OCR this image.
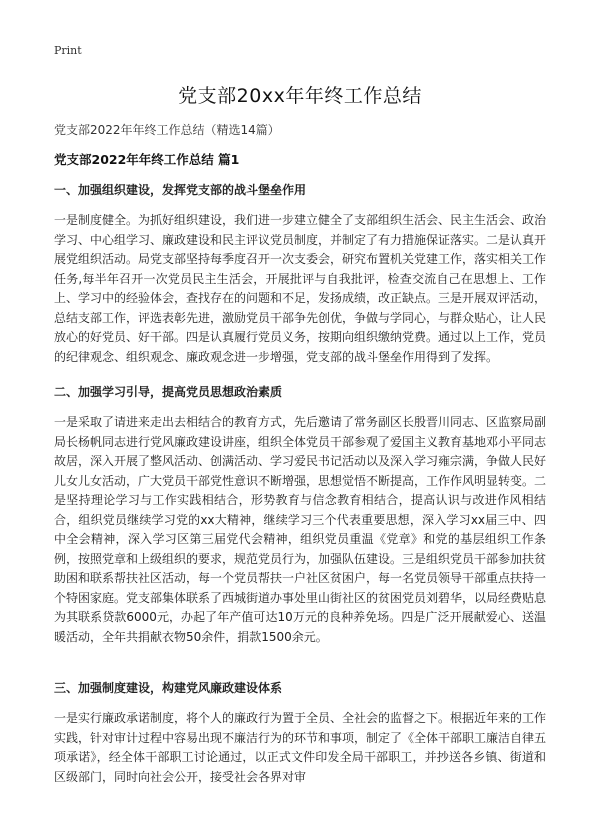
Print
党支部20xx年年终工作总结

党支部2022年年终工作总结（精选14篇）

党支部2022年年终工作总结 篇1
一、加强组织建设，发挥党支部的战斗堡垒作用

一是制度健全。为抓好组织建设，我们进一步建立健全了支部组织生活会、民主生活会、政治学习、中心组学习、廉政建设和民主评议党员制度，并制定了有力措施保证落实。二是认真开展党组织活动。局党支部坚持每季度召开一次支委会，研究布置机关党建工作，落实相关工作任务,每半年召开一次党员民主生活会，开展批评与自我批评，检查交流自己在思想上、工作上、学习中的经验体会，查找存在的问题和不足，发扬成绩，改正缺点。三是开展双评活动，总结支部工作，评选表彰先进，激励党员干部争先创优，争做与学同心，与群众贴心，让人民放心的好党员、好干部。四是认真履行党员义务，按期向组织缴纳党费。通过以上工作，党员的纪律观念、组织观念、廉政观念进一步增强，党支部的战斗堡垒作用得到了发挥。

二、加强学习引导，提高党员思想政治素质

一是采取了请进来走出去相结合的教育方式，先后邀请了常务副区长殷晋川同志、区监察局副局长杨帆同志进行党风廉政建设讲座，组织全体党员干部参观了爱国主义教育基地邓小平同志故居，深入开展了整风活动、创满活动、学习爱民书记活动以及深入学习雍宗满，争做人民好儿女儿女活动，广大党员干部党性意识不断增强，思想觉悟不断提高，工作作风明显转变。二是坚持理论学习与工作实践相结合，形势教育与信念教育相结合，提高认识与改进作风相结合，组织党员继续学习党的xx大精神，继续学习三个代表重要思想，深入学习xx届三中、四中全会精神，深入学习区第三届党代会精神，组织党员重温《党章》和党的基层组织工作条例，按照党章和上级组织的要求，规范党员行为，加强队伍建设。三是组织党员干部参加扶贫助困和联系帮扶社区活动，每一个党员帮扶一户社区贫困户，每一名党员领导干部重点扶持一个特困家庭。党支部集体联系了西城街道办事处里山街社区的贫困党员刘碧华，以局经费贴息为其联系贷款6000元，办起了年产值可达10万元的良种养免场。四是广泛开展献爱心、送温暖活动，全年共捐献衣物50余件，捐款1500余元。

三、加强制度建设，构建党风廉政建设体系

一是实行廉政承诺制度，将个人的廉政行为置于全员、全社会的监督之下。根据近年来的工作实践，针对审计过程中容易出现不廉洁行为的环节和事项，制定了《全体干部职工廉洁自律五项承诺》，经全体干部职工讨论通过，以正式文件印发全局干部职工，并抄送各乡镇、街道和区级部门，同时向社会公开，接受社会各界对审
